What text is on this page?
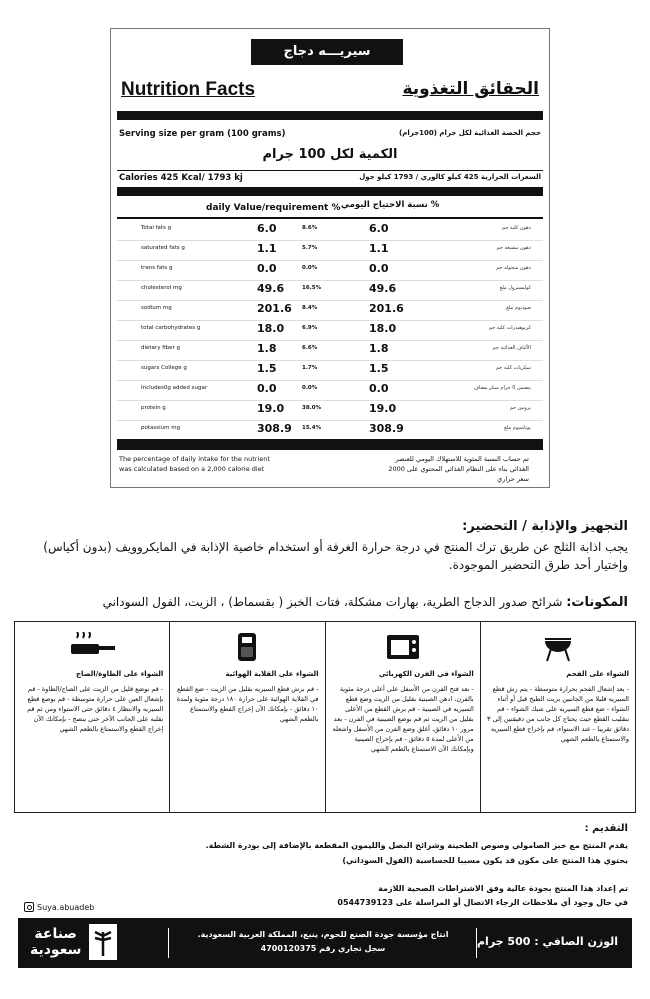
سيريـــه دجاج
Nutrition Facts	الحقائق التغذوية
Serving size per gram (100 grams)	حجم الحصة الغذائية لكل جرام (100جرام)
الكمية لكل 100 جرام
Calories 425 Kcal/ 1793 kj	السعرات الحرارية 425 كيلو كالوري / 1793 كيلو جول
% نسبة الاحتياج اليومي
daily Value/requirement %
Total fats g	6.0	8.6%	6.0	دهون كلية جم
saturated fats g	1.1	5.7%	1.1	دهون مشبعة جم
trans fats g	0.0	0.0%	0.0	دهون متحولة جم
cholesterol mg	49.6	16.5%	49.6	كوليسترول ملغ
sodium mg	201.6 8.4%	201.6	صوديوم ملغ
total carbohydrates g	18.0	6.9%	18.0	كربوهيدرات كلية جم
dietary fiber g	1.8	6.6%	1.8	الألياف الغذائية جم
sugars College g	1.5	1.7%	1.5	سكريات كلية جم
Includes0g added sugar	0.0	0.0%	0.0	يتضمن 0 جرام سكر مضاف
protein g	19.0	38.0%	19.0	بروتين جم
potassium mg	308.9 15.4%	308.9	بوتاسيوم ملغ
The percentage of daily intake for the nutrient was calculated based on a 2,000 calorie diet
تم حساب النسبة المئوية للاستهلاك اليومي للعنصر الغذائي بناء على النظام الغذائي المحتوي على 2000 سعر حراري
التجهيز والإذابة / التحضير:
يجب اذابة الثلج عن طريق ترك المنتج في درجة حرارة الغرفة أو استخدام خاصية الإذابة في المايكروويف (بدون أكياس) وإختيار أحد طرق التحضير الموجودة.
المكونات: شرائح صدور الدجاج الطرية، بهارات مشكلة، فتات الخبز ( بقسماط) ، الزيت، الفول السوداني
الشواء على الطاوة/الصاج
- قم بوضع قليل من الزيت على الصاج/الطاوة - قم بإشعال العين على حرارة متوسطة - قم بوضع قطع السيريه والانتظار ٤ دقائق حتى الاستواء ومن ثم قم بقلبه على الجانب الآخر حتى ينضج - بإمكانك الآن إخراج القطع والاستمتاع بالطعم الشهي
الشواء على القلاية الهوائية
- قم برش قطع السيريه بقليل من الزيت - ضع القطع في القلاية الهوائية على حرارة ١٨٠ درجة مئوية ولمدة ١٠ دقائق - بإمكانك الآن إخراج القطع والاستمتاع بالطعم الشهي
الشواء في الفرن الكهربائي
- بعد فتح الفرن من الأسفل على أعلى درجة مئوية بالفرن، ادهن الصينية بقليل من الزيت وضع قطع السيريه في الصينية - قم برش القطع من الأعلى بقليل من الزيت ثم قم بوضع الصينية في الفرن - بعد مرور ١٠ دقائق، أغلق وضع الفرن من الأسفل واشعله من الأعلى لمدة ٥ دقائق - قم بإخراج الصينية وبإمكانك الآن الاستمتاع بالطعم الشهي
الشواء على الفحم
- بعد إشعال الفحم بحرارة متوسطة - يتم رش قطع السيريه قليلا من الجانبين بزيت الطبخ قبل أو أثناء الشواء - ضع قطع السيريه على شبك الشواء - قم بتقليب القطع حيث يحتاج كل جانب من دقيقتين إلى ٣ دقائق تقريبا - عند الاستواء، قم بإخراج قطع السيريه والاستمتاع بالطعم الشهي
التقديم :
يقدم المنتج مع خبز الصامولي وصوص الطحينة وشرائح البصل والليمون المقطعة بالإضافة إلى بودرة الشطة.
يحتوي هذا المنتج على مكون قد يكون مسببا للحساسية (الفول السوداني)
تم إعداد هذا المنتج بجودة عالية وفق الاشتراطات الصحية اللازمة
في حال وجود أي ملاحظات الرجاء الاتصال أو المراسلة على 0544739123
Suya.abuadeb
الوزن الصافي : 500 جرام
انتاج مؤسسة جودة الصنع للحوم، ينبع، المملكة العربية السعودية.
سجل تجاري رقم 4700120375
صناعة
سعودية
